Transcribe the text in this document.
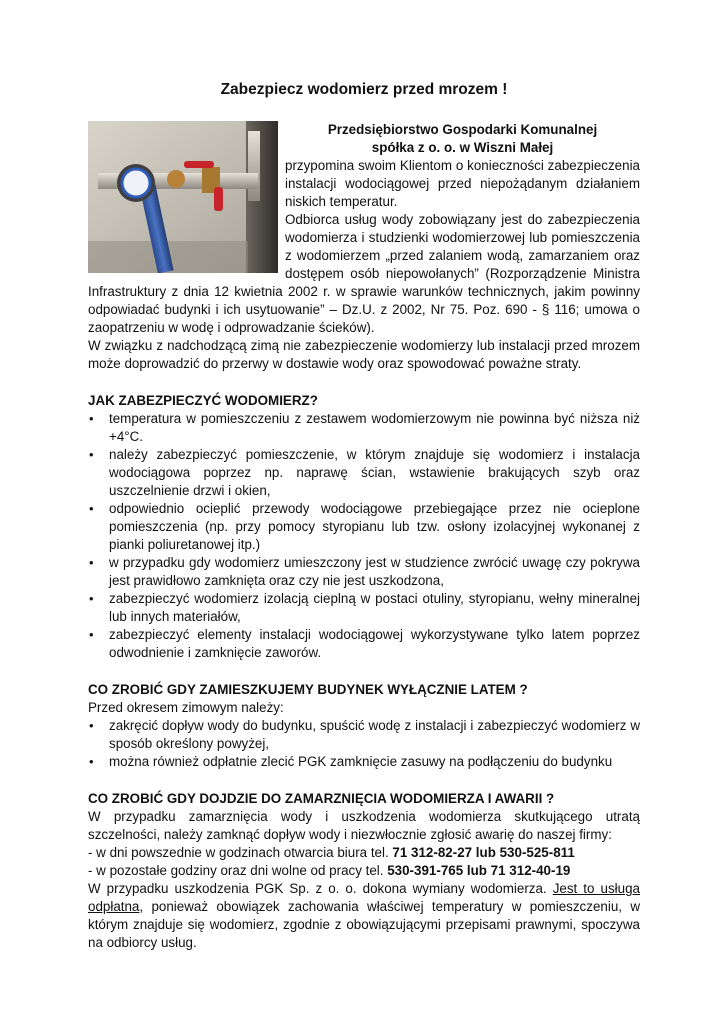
Zabezpiecz wodomierz przed mrozem !
Przedsiębiorstwo Gospodarki Komunalnej
spółka z o. o. w Wiszni Małej

przypomina swoim Klientom o konieczności zabezpieczenia instalacji wodociągowej przed niepożądanym działaniem niskich temperatur.

Odbiorca usług wody zobowiązany jest do zabezpieczenia wodomierza i studzienki wodomierzowej lub pomieszczenia z wodomierzem „przed zalaniem wodą, zamarzaniem oraz dostępem osób niepowołanych” (Rozporządzenie Ministra Infrastruktury z dnia 12 kwietnia 2002 r. w sprawie warunków technicznych, jakim powinny odpowiadać budynki i ich usytuowanie” – Dz.U. z 2002, Nr 75. Poz. 690 - § 116; umowa o zaopatrzeniu w wodę i odprowadzanie ścieków).

W związku z nadchodzącą zimą nie zabezpieczenie wodomierzy lub instalacji przed mrozem może doprowadzić do przerwy w dostawie wody oraz spowodować poważne straty.

JAK ZABEZPIECZYĆ WODOMIERZ?
• temperatura w pomieszczeniu z zestawem wodomierzowym nie powinna być niższa niż +4°C.
• należy zabezpieczyć pomieszczenie, w którym znajduje się wodomierz i instalacja wodociągowa poprzez np. naprawę ścian, wstawienie brakujących szyb oraz uszczelnienie drzwi i okien,
• odpowiednio ocieplić przewody wodociągowe przebiegające przez nie ocieplone pomieszczenia (np. przy pomocy styropianu lub tzw. osłony izolacyjnej wykonanej z pianki poliuretanowej itp.)
• w przypadku gdy wodomierz umieszczony jest w studzience zwrócić uwagę czy pokrywa jest prawidłowo zamknięta oraz czy nie jest uszkodzona,
• zabezpieczyć wodomierz izolacją cieplną w postaci otuliny, styropianu, wełny mineralnej lub innych materiałów,
• zabezpieczyć elementy instalacji wodociągowej wykorzystywane tylko latem poprzez odwodnienie i zamknięcie zaworów.
CO ZROBIĆ GDY ZAMIESZKUJEMY BUDYNEK WYŁĄCZNIE LATEM ?

Przed okresem zimowym należy:

• zakręcić dopływ wody do budynku, spuścić wodę z instalacji i zabezpieczyć wodomierz w sposób określony powyżej,
• można również odpłatnie zlecić PGK zamknięcie zasuwy na podłączeniu do budynku
CO ZROBIĆ GDY DOJDZIE DO ZAMARZNIĘCIA WODOMIERZA I AWARII ?

W przypadku zamarznięcia wody i uszkodzenia wodomierza skutkującego utratą szczelności, należy zamknąć dopływ wody i niezwłocznie zgłosić awarię do naszej firmy:

- w dni powszednie w godzinach otwarcia biura tel. 71 312-82-27 lub 530-525-811

- w pozostałe godziny oraz dni wolne od pracy tel. 530-391-765 lub 71 312-40-19

W przypadku uszkodzenia PGK Sp. z o. o. dokona wymiany wodomierza. Jest to usługa odpłatna, ponieważ obowiązek zachowania właściwej temperatury w pomieszczeniu, w którym znajduje się wodomierz, zgodnie z obowiązującymi przepisami prawnymi, spoczywa na odbiorcy usług.
